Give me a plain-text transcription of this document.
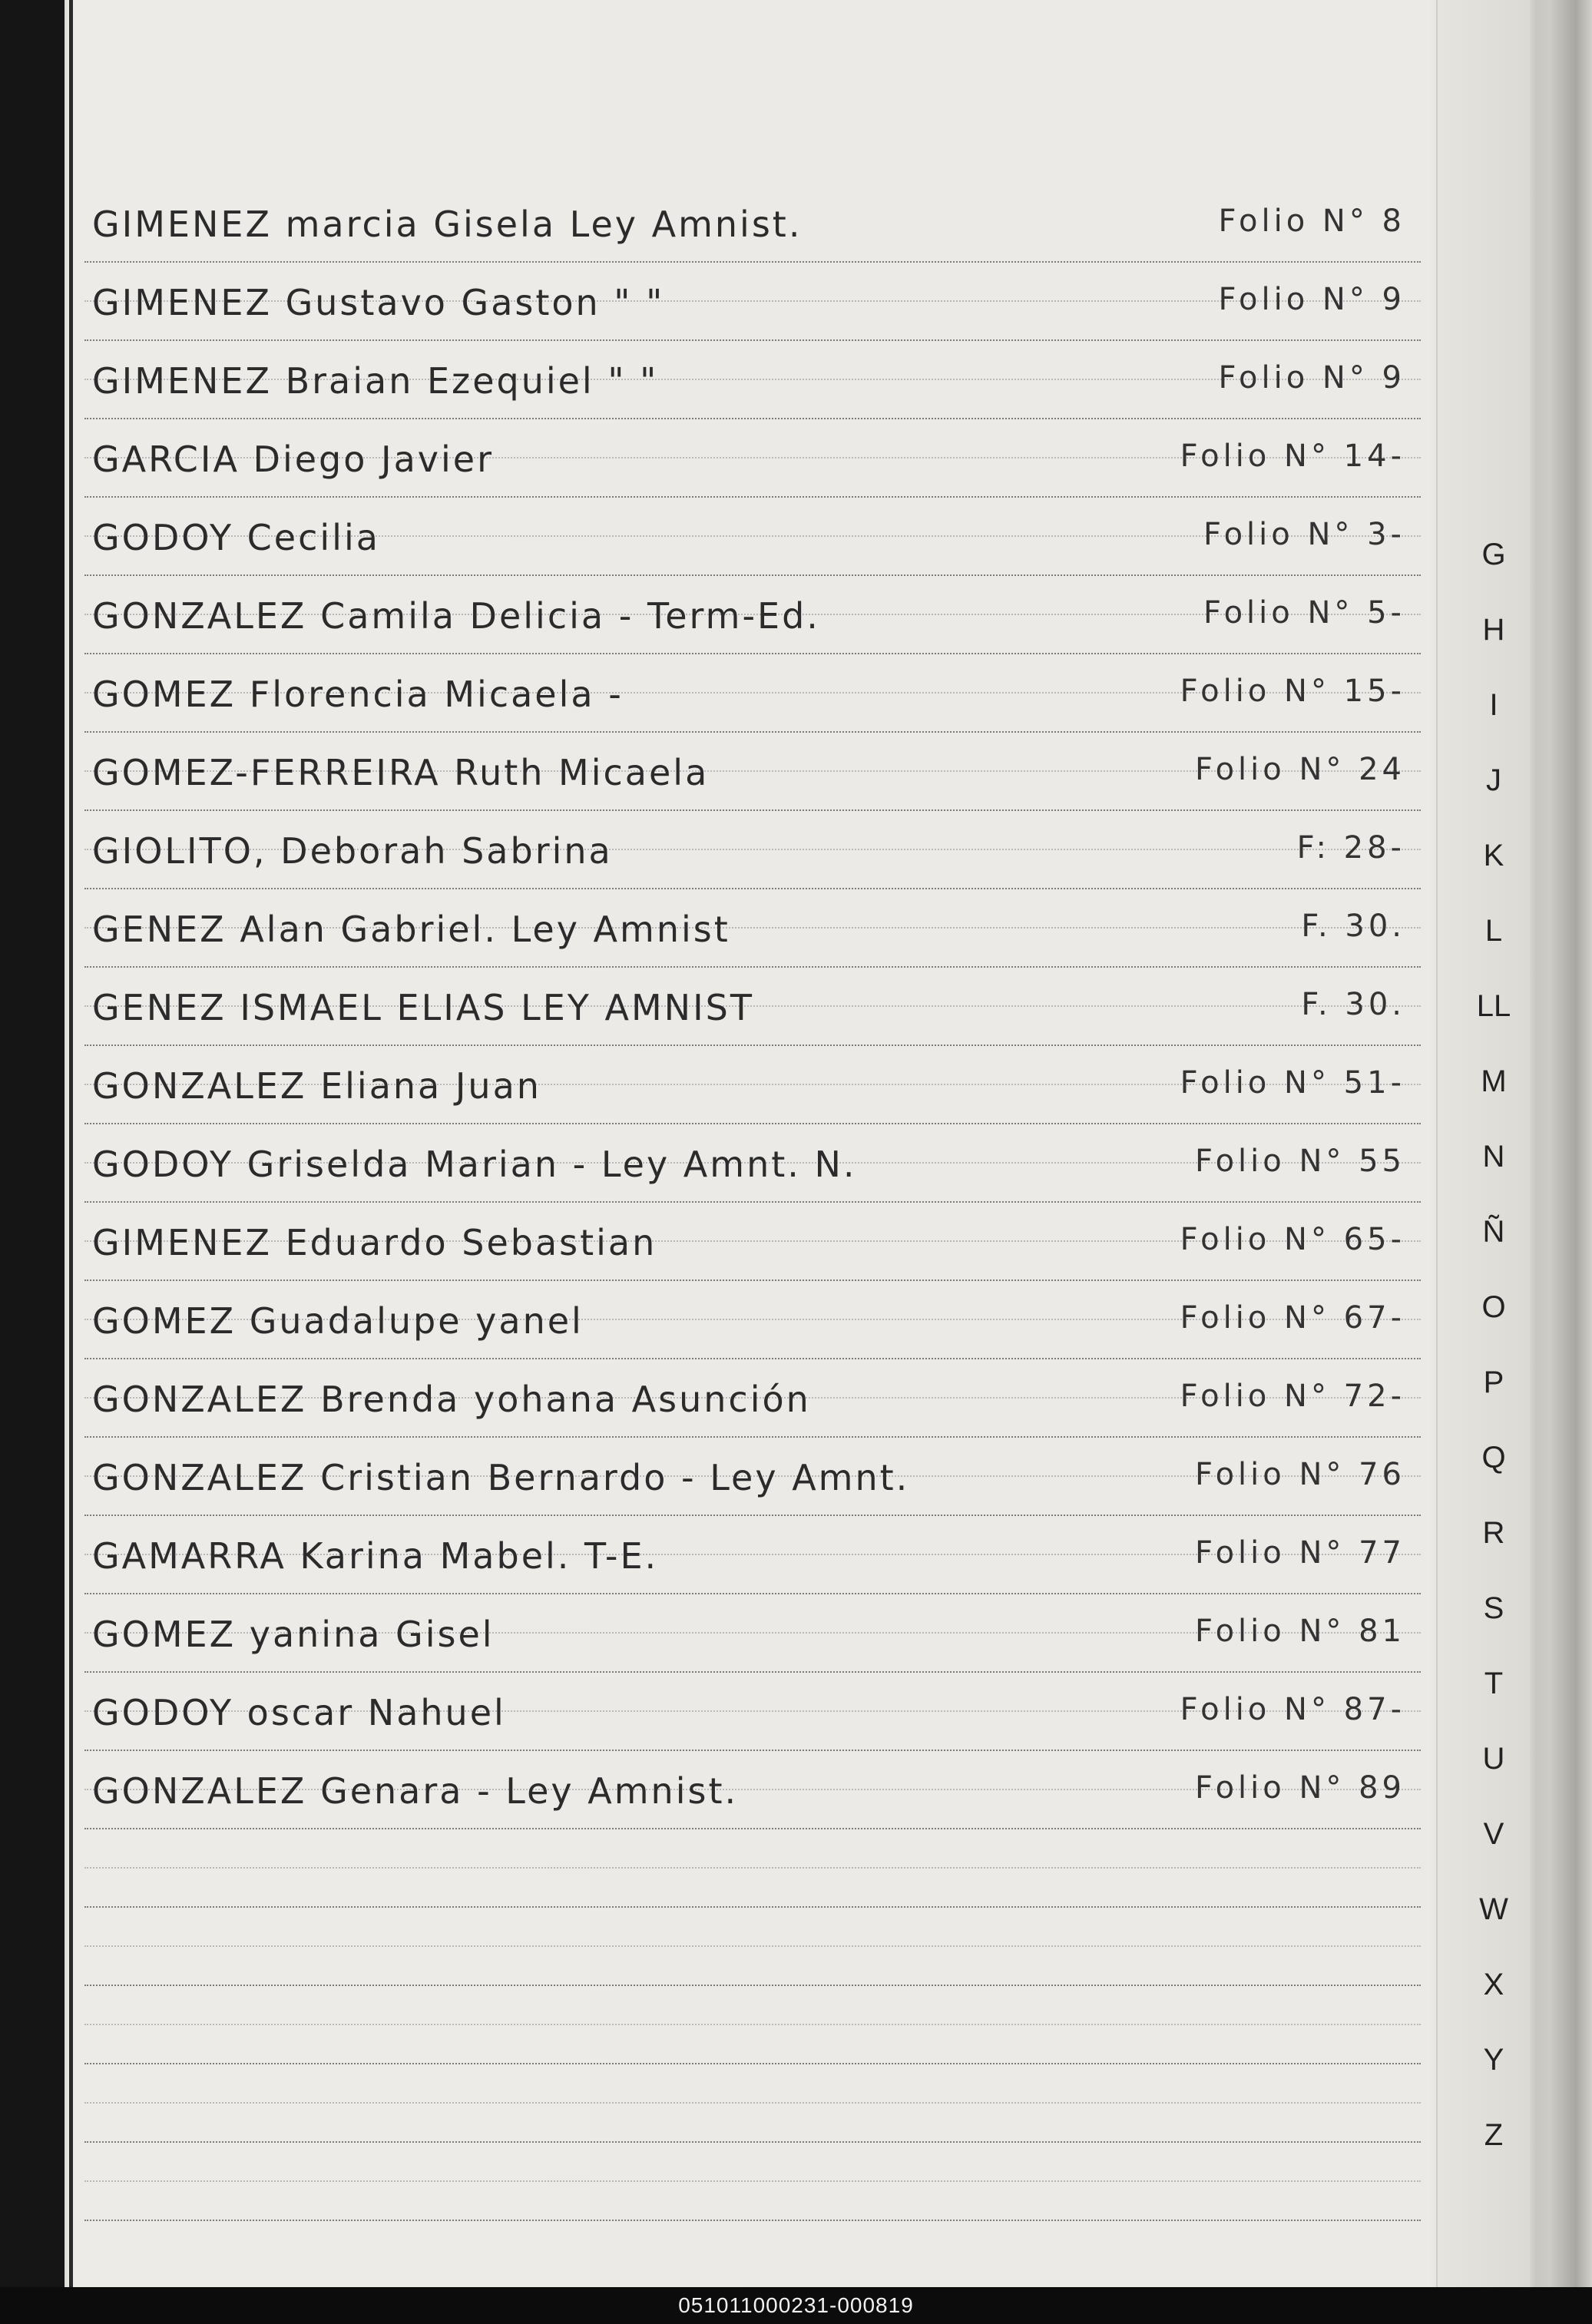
GIMENEZ marcia Gisela Ley Amnist.	Folio N° 8
GIMENEZ Gustavo Gaston " "	Folio N° 9
GIMENEZ Braian Ezequiel " "	Folio N° 9
GARCIA Diego Javier	Folio N° 14-
GODOY Cecilia	Folio N° 3-
GONZALEZ Camila Delicia - Term-Ed.	Folio N° 5-
GOMEZ Florencia Micaela -	Folio N° 15-
GOMEZ-FERREIRA Ruth Micaela	Folio N° 24
GIOLITO, Deborah Sabrina	F: 28-
GENEZ Alan Gabriel. Ley Amnist	F. 30.
GENEZ ISMAEL ELIAS LEY AMNIST	F. 30.
GONZALEZ Eliana Juan	Folio N° 51-
GODOY Griselda Marian - Ley Amnt. N.	Folio N° 55
GIMENEZ Eduardo Sebastian	Folio N° 65-
GOMEZ Guadalupe yanel	Folio N° 67-
GONZALEZ Brenda yohana Asunción	Folio N° 72-
GONZALEZ Cristian Bernardo - Ley Amnt.	Folio N° 76
GAMARRA Karina Mabel. T-E.	Folio N° 77
GOMEZ yanina Gisel	Folio N° 81
GODOY oscar Nahuel	Folio N° 87-
GONZALEZ Genara - Ley Amnist.	Folio N° 89
G
H
I
J
K
L
LL
M
N
Ñ
O
P
Q
R
S
T
U
V
W
X
Y
Z
051011000231-000819
